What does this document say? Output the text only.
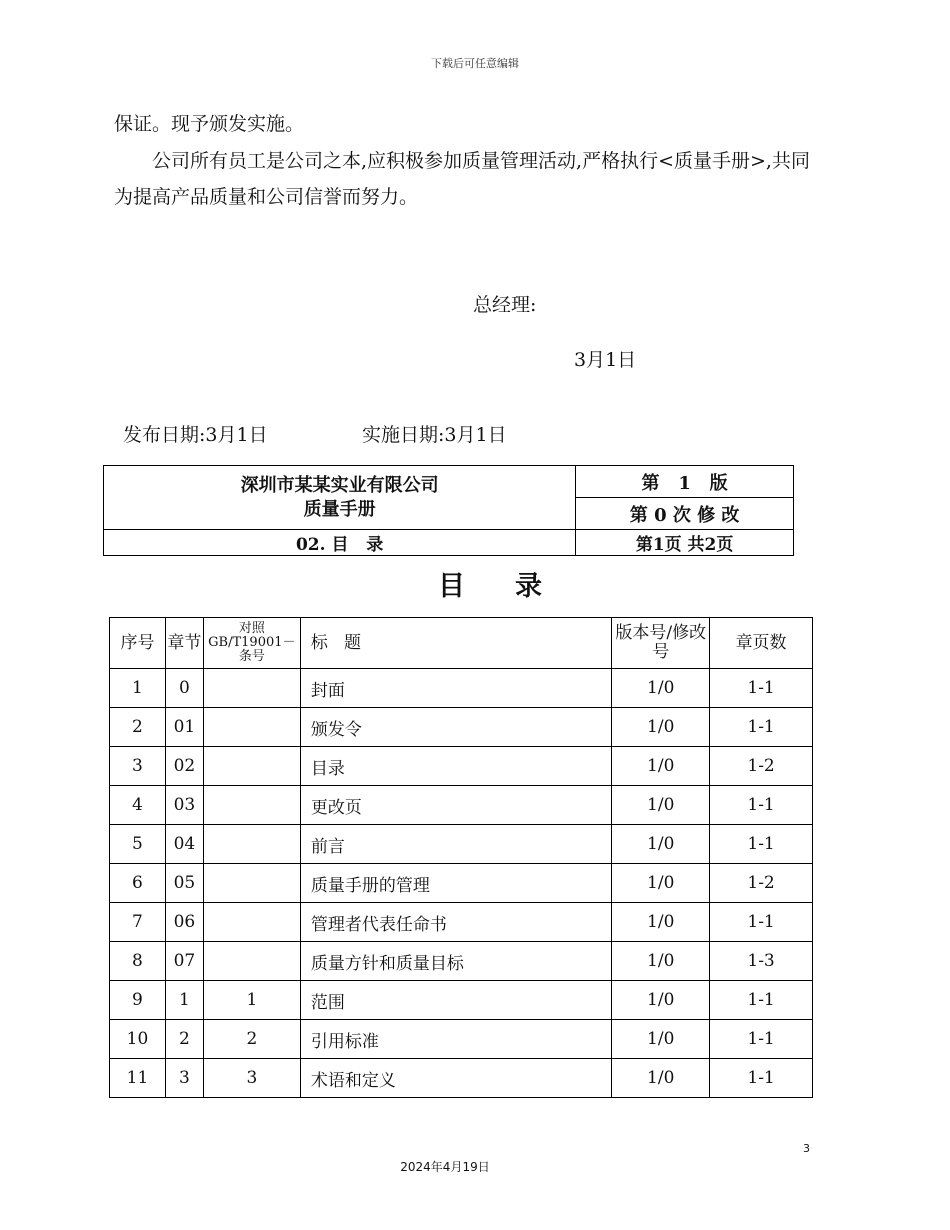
下载后可任意编辑
保证。现予颁发实施。
公司所有员工是公司之本,应积极参加质量管理活动,严格执行<质量手册>,共同为提高产品质量和公司信誉而努力。
总经理:
3月1日
发布日期:3月1日	实施日期:3月1日
深圳市某某实业有限公司
质量手册	第   1   版
	第 0 次 修 改
02. 目   录	第1页 共2页
目录
序号	章节	对照GB/T19001－条号	标   题	版本号/修改号	章页数
1	0		封面	1/0	1-1
2	01		颁发令	1/0	1-1
3	02		目录	1/0	1-2
4	03		更改页	1/0	1-1
5	04		前言	1/0	1-1
6	05		质量手册的管理	1/0	1-2
7	06		管理者代表任命书	1/0	1-1
8	07		质量方针和质量目标	1/0	1-3
9	1	1	范围	1/0	1-1
10	2	2	引用标准	1/0	1-1
11	3	3	术语和定义	1/0	1-1
3
2024年4月19日
